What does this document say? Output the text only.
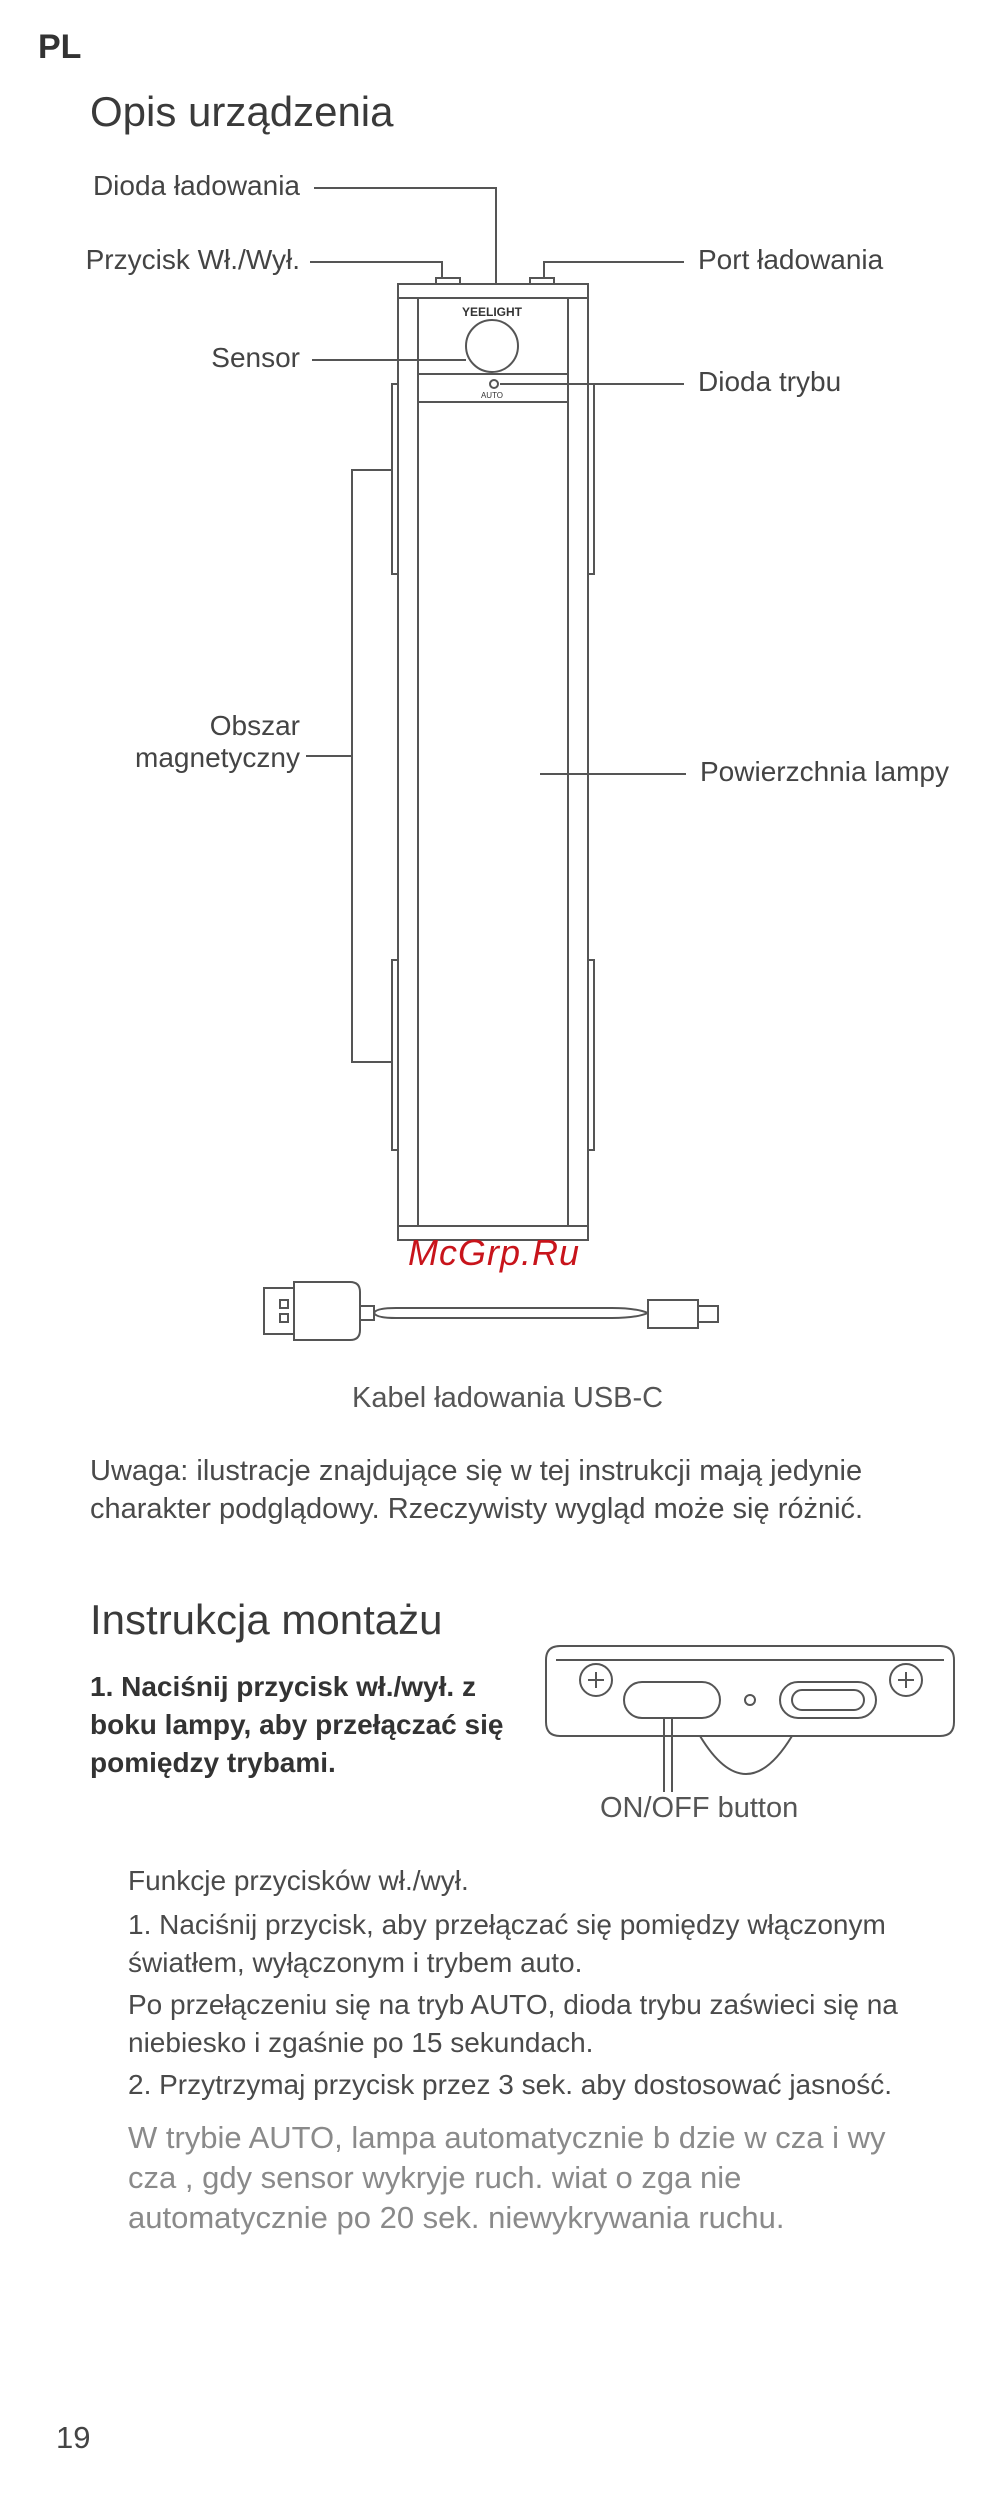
PL
Opis urządzenia
YEELIGHT
AUTO
Dioda ładowania
Przycisk Wł./Wył.	Port ładowania
Sensor
Dioda trybu
Obszar
magnetyczny	Powierzchnia lampy
McGrp.Ru
Kabel ładowania USB-C
Uwaga: ilustracje znajdujące się w tej instrukcji mają jedynie charakter podglądowy. Rzeczywisty wygląd może się różnić.
Instrukcja montażu
1. Naciśnij przycisk wł./wył. z boku lampy, aby przełączać się pomiędzy trybami.
ON/OFF button
Funkcje przycisków wł./wył.
1. Naciśnij przycisk, aby przełączać się pomiędzy włączonym światłem, wyłączonym i trybem auto.
Po przełączeniu się na tryb AUTO, dioda trybu zaświeci się na niebiesko i zgaśnie po 15 sekundach.
2. Przytrzymaj przycisk przez 3 sek. aby dostosować jasność.
W trybie AUTO, lampa automatycznie b dzie w cza i wy cza , gdy sensor wykryje ruch. wiat o zga nie automatycznie po 20 sek. niewykrywania ruchu.
19
